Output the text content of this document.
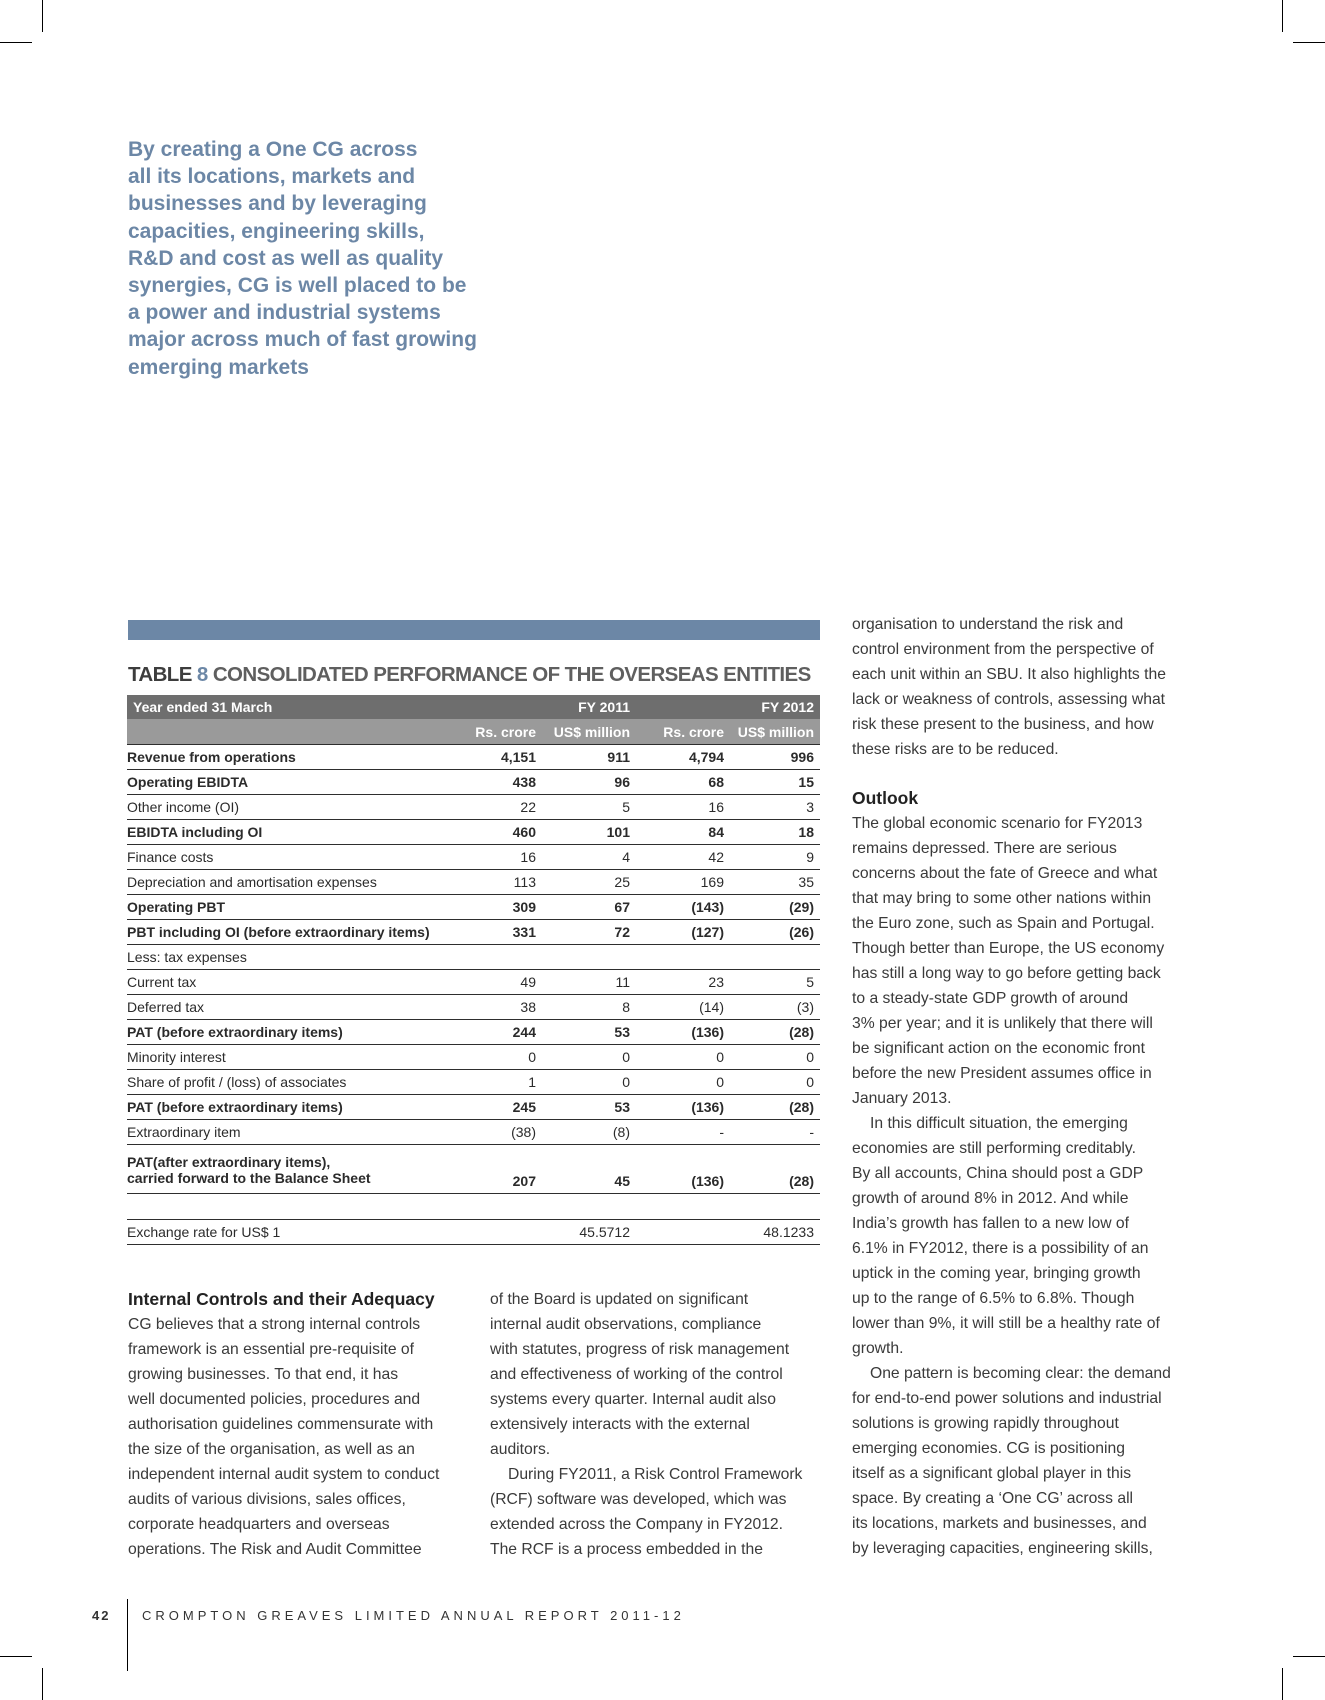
By creating a One CG across
all its locations, markets and
businesses and by leveraging
capacities, engineering skills,
R&D and cost as well as quality
synergies, CG is well placed to be
a power and industrial systems
major across much of fast growing
emerging markets
TABLE 8 CONSOLIDATED PERFORMANCE OF THE OVERSEAS ENTITIES
Year ended 31 March		FY 2011		FY 2012
	Rs. crore	US$ million	Rs. crore	US$ million
Revenue from operations	4,151	911	4,794	996
Operating EBIDTA	438	96	68	15
Other income (OI)	22	5	16	3
EBIDTA including OI	460	101	84	18
Finance costs	16	4	42	9
Depreciation and amortisation expenses	113	25	169	35
Operating PBT	309	67	(143)	(29)
PBT including OI (before extraordinary items)	331	72	(127)	(26)
Less: tax expenses				
Current tax	49	11	23	5
Deferred tax	38	8	(14)	(3)
PAT (before extraordinary items)	244	53	(136)	(28)
Minority interest	0	0	0	0
Share of profit / (loss) of associates	1	0	0	0
PAT (before extraordinary items)	245	53	(136)	(28)
Extraordinary item	(38)	(8)	-	-

PAT(after extraordinary items),
carried forward to the Balance Sheet	207	45	(136)	(28)

Exchange rate for US$ 1		45.5712		48.1233
Internal Controls and their Adequacy
CG believes that a strong internal controls
framework is an essential pre-requisite of
growing businesses. To that end, it has
well documented policies, procedures and
authorisation guidelines commensurate with
the size of the organisation, as well as an
independent internal audit system to conduct
audits of various divisions, sales offices,
corporate headquarters and overseas
operations. The Risk and Audit Committee
of the Board is updated on significant
internal audit observations, compliance
with statutes, progress of risk management
and effectiveness of working of the control
systems every quarter. Internal audit also
extensively interacts with the external
auditors.
During FY2011, a Risk Control Framework
(RCF) software was developed, which was
extended across the Company in FY2012.
The RCF is a process embedded in the
organisation to understand the risk and
control environment from the perspective of
each unit within an SBU. It also highlights the
lack or weakness of controls, assessing what
risk these present to the business, and how
these risks are to be reduced.
Outlook
The global economic scenario for FY2013
remains depressed. There are serious
concerns about the fate of Greece and what
that may bring to some other nations within
the Euro zone, such as Spain and Portugal.
Though better than Europe, the US economy
has still a long way to go before getting back
to a steady-state GDP growth of around
3% per year; and it is unlikely that there will
be significant action on the economic front
before the new President assumes office in
January 2013.
In this difficult situation, the emerging
economies are still performing creditably.
By all accounts, China should post a GDP
growth of around 8% in 2012. And while
India’s growth has fallen to a new low of
6.1% in FY2012, there is a possibility of an
uptick in the coming year, bringing growth
up to the range of 6.5% to 6.8%. Though
lower than 9%, it will still be a healthy rate of
growth.
One pattern is becoming clear: the demand
for end-to-end power solutions and industrial
solutions is growing rapidly throughout
emerging economies. CG is positioning
itself as a significant global player in this
space. By creating a ‘One CG’ across all
its locations, markets and businesses, and
by leveraging capacities, engineering skills,
42 CROMPTON GREAVES LIMITED ANNUAL REPORT 2011-12
